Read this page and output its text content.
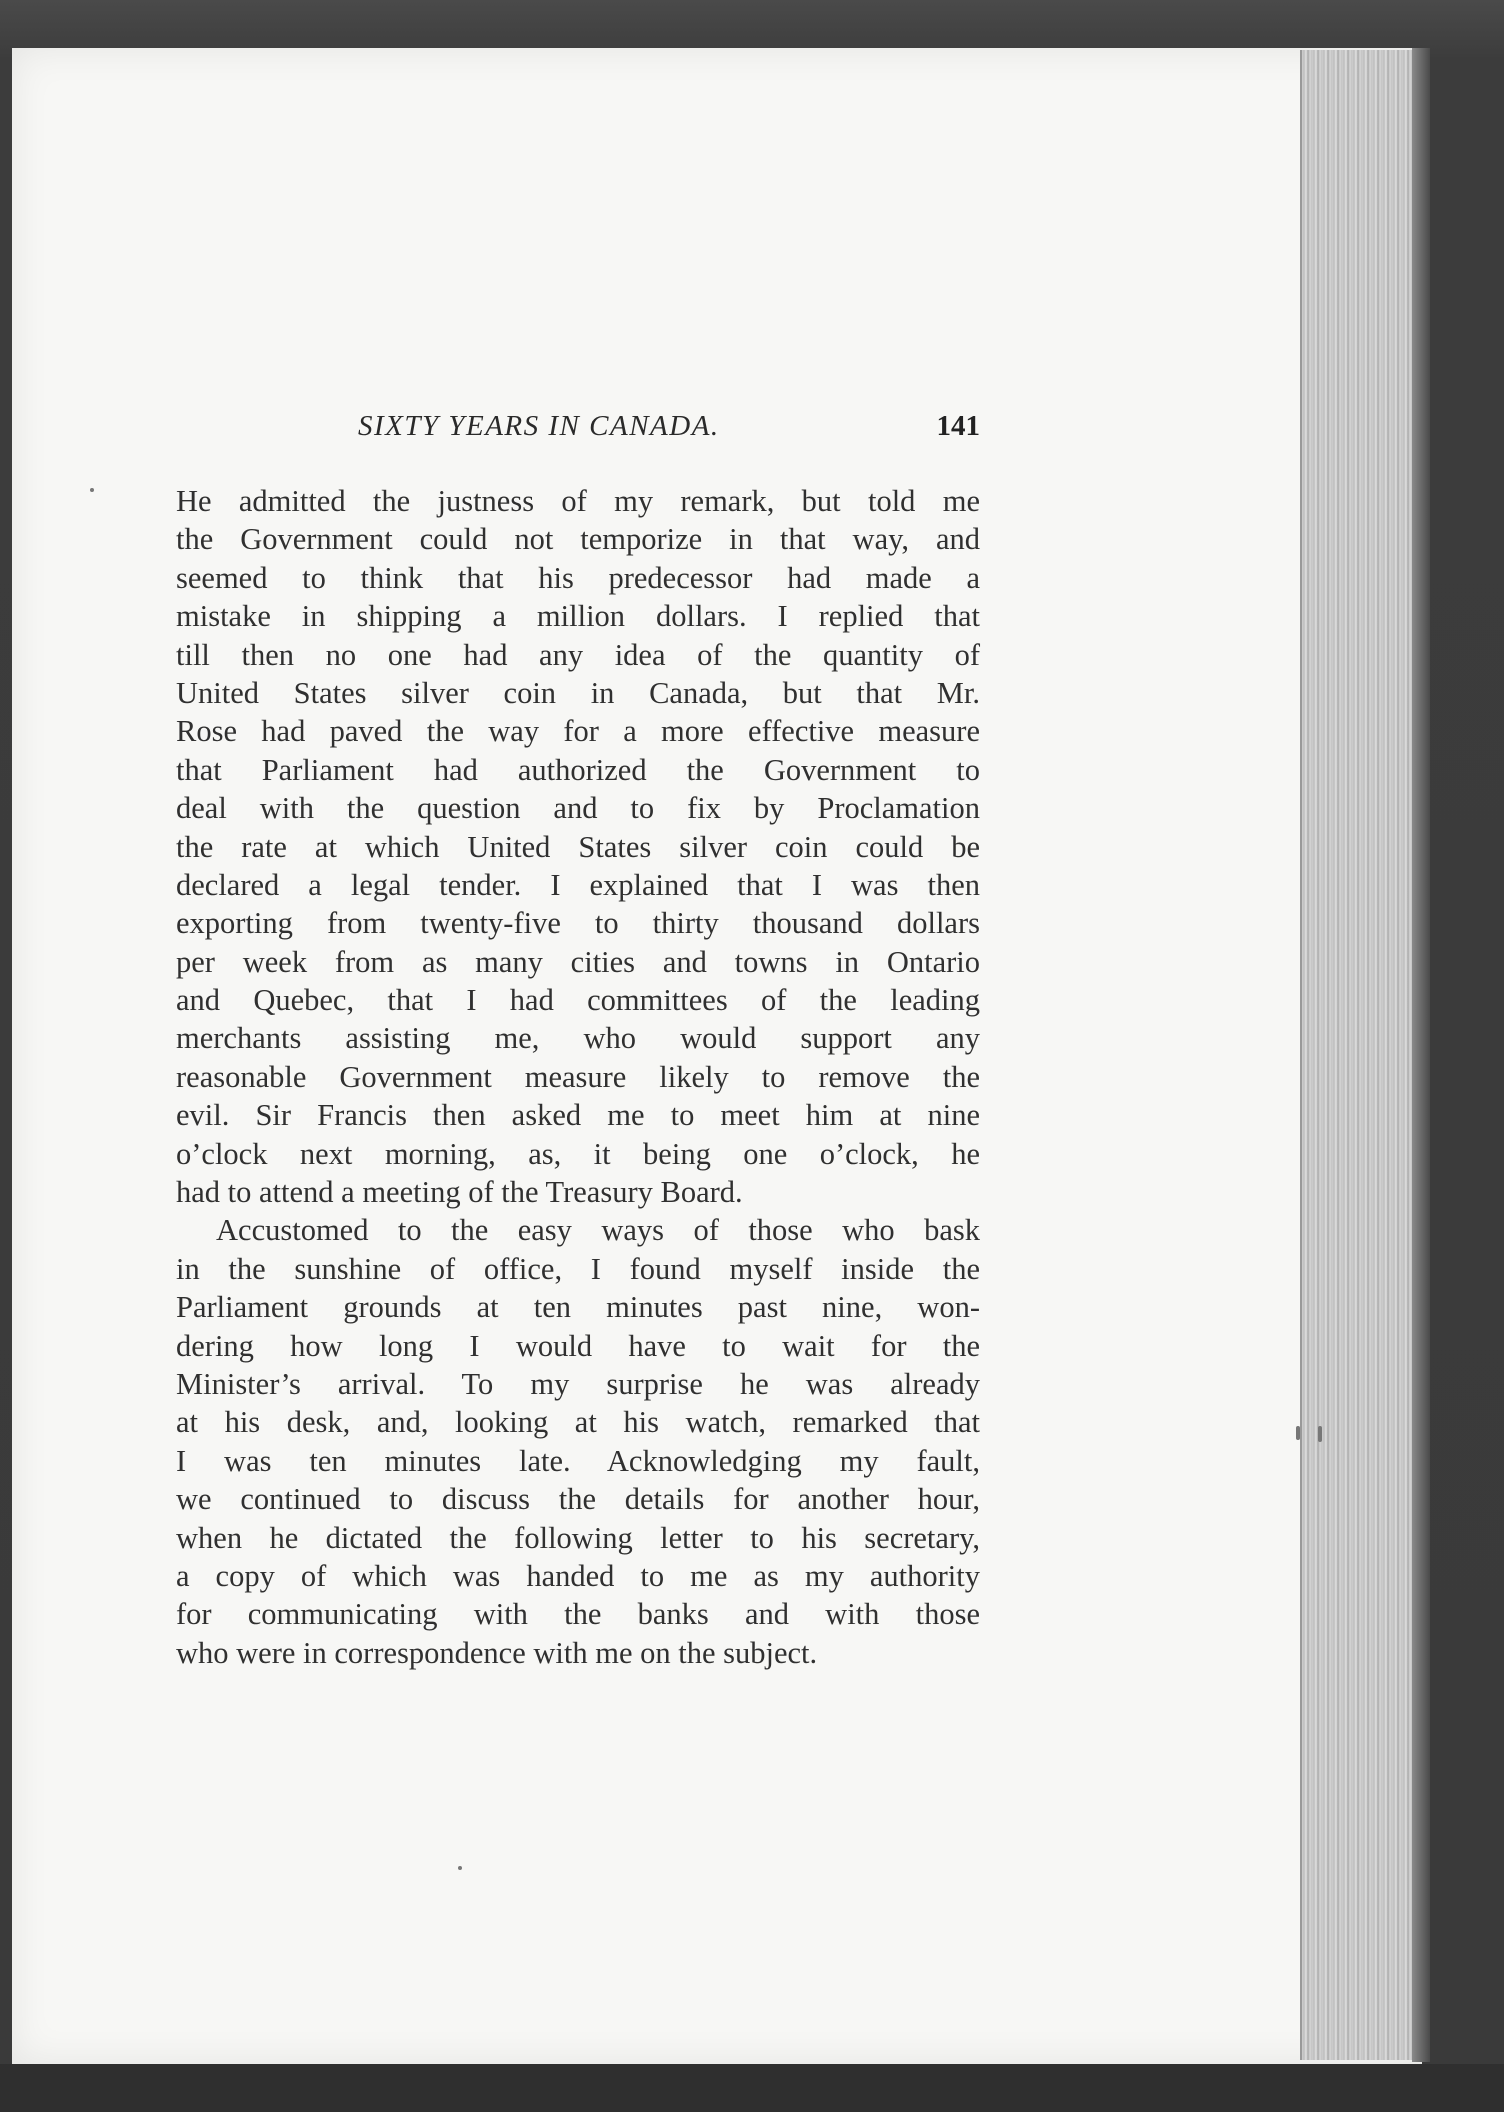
SIXTY YEARS IN CANADA.	141
He admitted the justness of my remark, but told me
the Government could not temporize in that way, and
seemed to think that his predecessor had made a
mistake in shipping a million dollars. I replied that
till then no one had any idea of the quantity of
United States silver coin in Canada, but that Mr.
Rose had paved the way for a more effective measure
that Parliament had authorized the Government to
deal with the question and to fix by Proclamation
the rate at which United States silver coin could be
declared a legal tender. I explained that I was then
exporting from twenty-five to thirty thousand dollars
per week from as many cities and towns in Ontario
and Quebec, that I had committees of the leading
merchants assisting me, who would support any
reasonable Government measure likely to remove the
evil. Sir Francis then asked me to meet him at nine
o’clock next morning, as, it being one o’clock, he
had to attend a meeting of the Treasury Board.
Accustomed to the easy ways of those who bask
in the sunshine of office, I found myself inside the
Parliament grounds at ten minutes past nine, won-
dering how long I would have to wait for the
Minister’s arrival. To my surprise he was already
at his desk, and, looking at his watch, remarked that
I was ten minutes late. Acknowledging my fault,
we continued to discuss the details for another hour,
when he dictated the following letter to his secretary,
a copy of which was handed to me as my authority
for communicating with the banks and with those
who were in correspondence with me on the subject.
